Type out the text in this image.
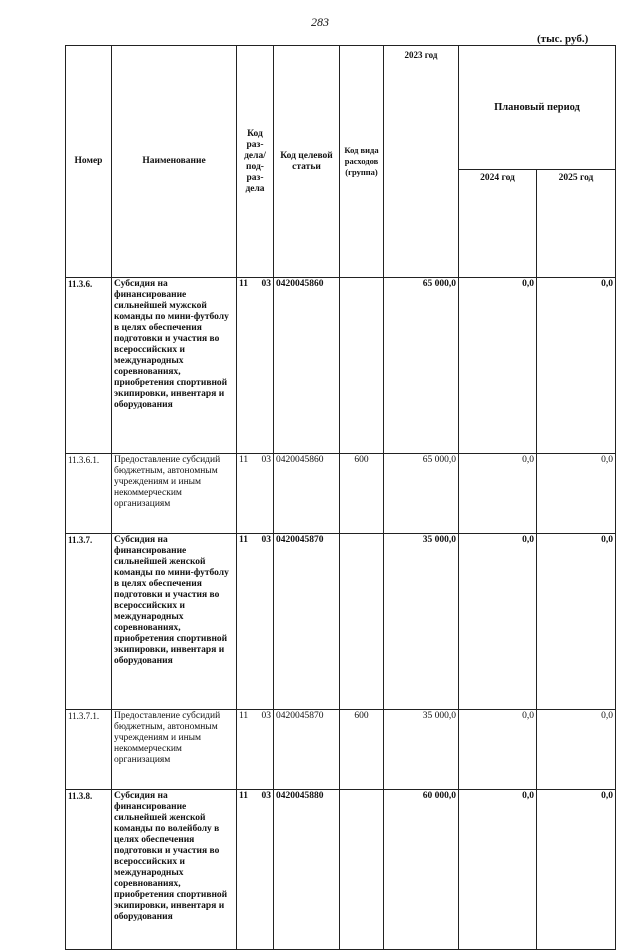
283
(тыс. руб.)
Номер	Наименование	Код раз-дела/ под-раз-дела	Код целевой статьи	Код вида расходов (группа)	2023 год	Плановый период	
						2024 год	2025 год
11.3.6.	Субсидия на финансирование сильнейшей мужской команды по мини-футболу в целях обеспечения подготовки и участия во всероссийских и международных соревнованиях, приобретения спортивной экипировки, инвентаря и оборудования	11 03	0420045860		65 000,0	0,0	0,0
11.3.6.1.	Предоставление субсидий бюджетным, автономным учреждениям и иным некоммерческим организациям	11 03	0420045860	600	65 000,0	0,0	0,0
11.3.7.	Субсидия на финансирование сильнейшей женской команды по мини-футболу в целях обеспечения подготовки и участия во всероссийских и международных соревнованиях, приобретения спортивной экипировки, инвентаря и оборудования	11 03	0420045870		35 000,0	0,0	0,0
11.3.7.1.	Предоставление субсидий бюджетным, автономным учреждениям и иным некоммерческим организациям	11 03	0420045870	600	35 000,0	0,0	0,0
11.3.8.	Субсидия на финансирование сильнейшей женской команды по волейболу в целях обеспечения подготовки и участия во всероссийских и международных соревнованиях, приобретения спортивной экипировки, инвентаря и оборудования	11 03	0420045880		60 000,0	0,0	0,0
